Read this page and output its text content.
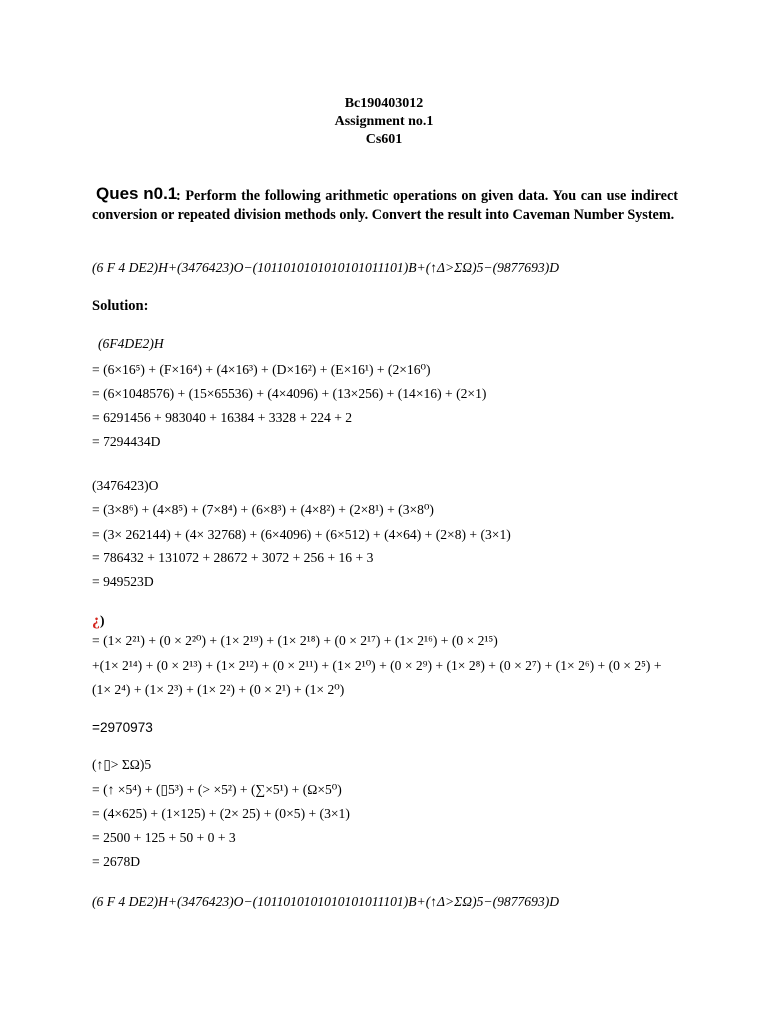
Bc190403012
Assignment no.1
Cs601
Ques n0.1
: Perform the following arithmetic operations on given data. You can use indirect conversion or repeated division methods only. Convert the result into Caveman Number System.
(6 F 4 DE2)H+(3476423)O−(1011010101010101011101)B+(↑Δ>ΣΩ)5−(9877693)D
Solution:
(6F4DE2)H
= (6×16⁵) + (F×16⁴) + (4×16³) + (D×16²) + (E×16¹) + (2×16⁰)
= (6×1048576) + (15×65536) + (4×4096) + (13×256) + (14×16) + (2×1)
= 6291456 + 983040 + 16384 + 3328 + 224 + 2
= 7294434D
(3476423)O
= (3×8⁶) + (4×8⁵) + (7×8⁴) + (6×8³) + (4×8²) + (2×8¹) + (3×8⁰)
= (3× 262144) + (4× 32768) + (6×4096) + (6×512) + (4×64) + (2×8) + (3×1)
= 786432 + 131072 + 28672 + 3072 + 256 + 16 + 3
= 949523D
¿)
= (1× 2²¹) + (0 × 2²⁰) + (1× 2¹⁹) + (1× 2¹⁸) + (0 × 2¹⁷) + (1× 2¹⁶) + (0 × 2¹⁵)
+(1× 2¹⁴) + (0 × 2¹³) + (1× 2¹²) + (0 × 2¹¹) + (1× 2¹⁰) + (0 × 2⁹) + (1× 2⁸) + (0 × 2⁷) + (1× 2⁶) + (0 × 2⁵) +
(1× 2⁴) + (1× 2³) + (1× 2²) + (0 × 2¹) + (1× 2⁰)
=2970973
(↑▯> ΣΩ)5
= (↑ ×5⁴) + (▯5³) + (> ×5²) + (∑×5¹) + (Ω×5⁰)
= (4×625) + (1×125) + (2× 25) + (0×5) + (3×1)
= 2500 + 125 + 50 + 0 + 3
= 2678D
(6 F 4 DE2)H+(3476423)O−(1011010101010101011101)B+(↑Δ>ΣΩ)5−(9877693)D
